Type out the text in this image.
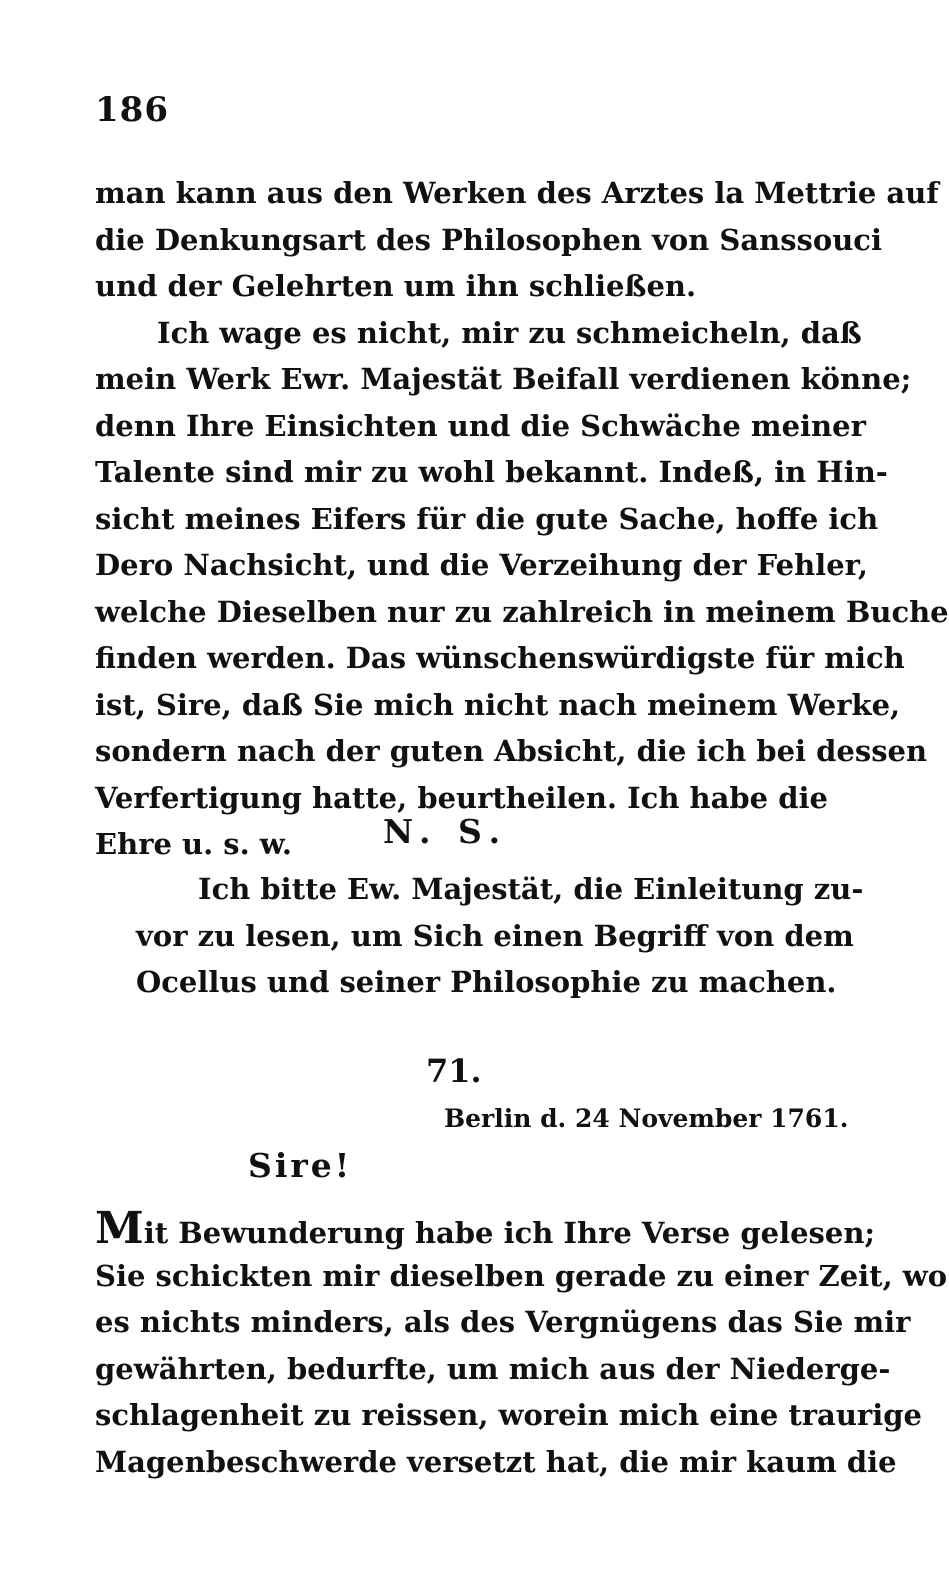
186
man kann aus den Werken des Arztes la Mettrie auf
die Denkungsart des Philosophen von Sanssouci
und der Gelehrten um ihn schließen.
Ich wage es nicht, mir zu schmeicheln, daß
mein Werk Ewr. Majestät Beifall verdienen könne;
denn Ihre Einsichten und die Schwäche meiner
Talente sind mir zu wohl bekannt. Indeß, in Hin-
sicht meines Eifers für die gute Sache, hoffe ich
Dero Nachsicht, und die Verzeihung der Fehler,
welche Dieselben nur zu zahlreich in meinem Buche
finden werden. Das wünschenswürdigste für mich
ist, Sire, daß Sie mich nicht nach meinem Werke,
sondern nach der guten Absicht, die ich bei dessen
Verfertigung hatte, beurtheilen. Ich habe die
Ehre u. s. w.	N. S.
Ich bitte Ew. Majestät, die Einleitung zu-
vor zu lesen, um Sich einen Begriff von dem
Ocellus und seiner Philosophie zu machen.
71.
Berlin d. 24 November 1761.
Sire!
Mit Bewunderung habe ich Ihre Verse gelesen;
Sie schickten mir dieselben gerade zu einer Zeit, wo
es nichts minders, als des Vergnügens das Sie mir
gewährten, bedurfte, um mich aus der Niederge-
schlagenheit zu reissen, worein mich eine traurige
Magenbeschwerde versetzt hat, die mir kaum die
